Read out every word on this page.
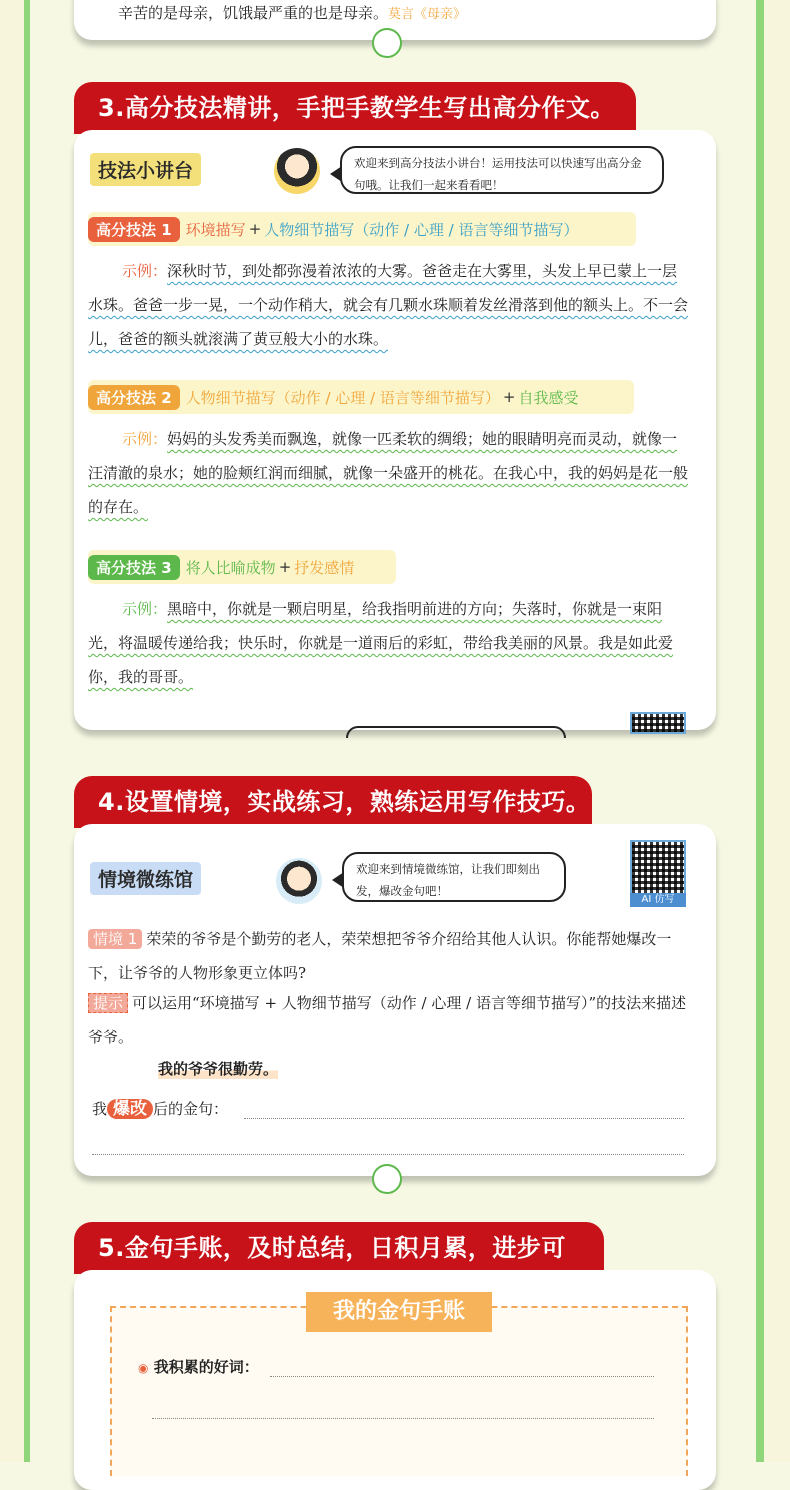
辛苦的是母亲，饥饿最严重的也是母亲。莫言《母亲》
3.高分技法精讲，手把手教学生写出高分作文。
技法小讲台	欢迎来到高分技法小讲台！运用技法可以快速写出高分金句哦。让我们一起来看看吧！
高分技法 1 环境描写 + 人物细节描写（动作 / 心理 / 语言等细节描写）
示例：深秋时节，到处都弥漫着浓浓的大雾。爸爸走在大雾里，头发上早已蒙上一层水珠。爸爸一步一晃，一个动作稍大，就会有几颗水珠顺着发丝滑落到他的额头上。不一会儿，爸爸的额头就滚满了黄豆般大小的水珠。
高分技法 2 人物细节描写（动作 / 心理 / 语言等细节描写） + 自我感受
示例：妈妈的头发秀美而飘逸，就像一匹柔软的绸缎；她的眼睛明亮而灵动，就像一汪清澈的泉水；她的脸颊红润而细腻，就像一朵盛开的桃花。在我心中，我的妈妈是花一般的存在。
高分技法 3 将人比喻成物 + 抒发感情
示例：黑暗中，你就是一颗启明星，给我指明前进的方向；失落时，你就是一束阳光，将温暖传递给我；快乐时，你就是一道雨后的彩虹，带给我美丽的风景。我是如此爱你，我的哥哥。
4.设置情境，实战练习，熟练运用写作技巧。
情境微练馆	欢迎来到情境微练馆，让我们即刻出发，爆改金句吧！
AI 仿写
情境 1 荣荣的爷爷是个勤劳的老人，荣荣想把爷爷介绍给其他人认识。你能帮她爆改一下，让爷爷的人物形象更立体吗?
提示 可以运用“环境描写 + 人物细节描写（动作 / 心理 / 语言等细节描写）”的技法来描述爷爷。
我的爷爷很勤劳。
我 爆改 后的金句：
5.金句手账，及时总结，日积月累，进步可
我的金句手账
◉ 我积累的好词：
